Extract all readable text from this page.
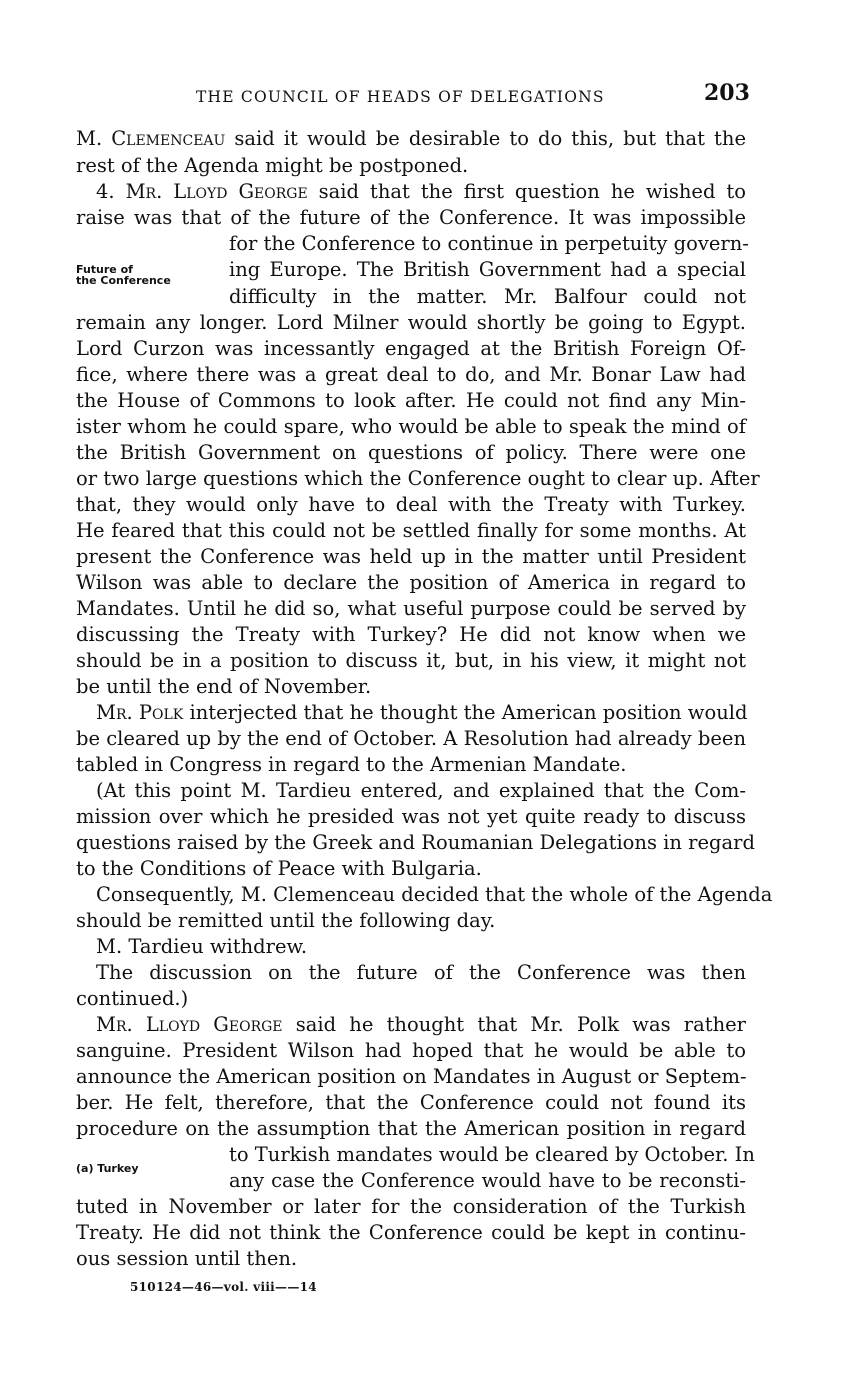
THE COUNCIL OF HEADS OF DELEGATIONS	203
M. Clemenceau said it would be desirable to do this, but that the
rest of the Agenda might be postponed.
4. Mr. Lloyd George said that the first question he wished to
raise was that of the future of the Conference. It was impossible
for the Conference to continue in perpetuity govern-
ing Europe. The British Government had a special
difficulty in the matter. Mr. Balfour could not
remain any longer. Lord Milner would shortly be going to Egypt.
Lord Curzon was incessantly engaged at the British Foreign Of-
fice, where there was a great deal to do, and Mr. Bonar Law had
the House of Commons to look after. He could not find any Min-
ister whom he could spare, who would be able to speak the mind of
the British Government on questions of policy. There were one
or two large questions which the Conference ought to clear up. After
that, they would only have to deal with the Treaty with Turkey.
He feared that this could not be settled finally for some months. At
present the Conference was held up in the matter until President
Wilson was able to declare the position of America in regard to
Mandates. Until he did so, what useful purpose could be served by
discussing the Treaty with Turkey? He did not know when we
should be in a position to discuss it, but, in his view, it might not
be until the end of November.
Mr. Polk interjected that he thought the American position would
be cleared up by the end of October. A Resolution had already been
tabled in Congress in regard to the Armenian Mandate.
(At this point M. Tardieu entered, and explained that the Com-
mission over which he presided was not yet quite ready to discuss
questions raised by the Greek and Roumanian Delegations in regard
to the Conditions of Peace with Bulgaria.
Consequently, M. Clemenceau decided that the whole of the Agenda
should be remitted until the following day.
M. Tardieu withdrew.
The discussion on the future of the Conference was then
continued.)
Mr. Lloyd George said he thought that Mr. Polk was rather
sanguine. President Wilson had hoped that he would be able to
announce the American position on Mandates in August or Septem-
ber. He felt, therefore, that the Conference could not found its
procedure on the assumption that the American position in regard
to Turkish mandates would be cleared by October. In
any case the Conference would have to be reconsti-
tuted in November or later for the consideration of the Turkish
Treaty. He did not think the Conference could be kept in continu-
ous session until then.
Future of
the Conference
(a) Turkey
510124—46—vol. viii——14
